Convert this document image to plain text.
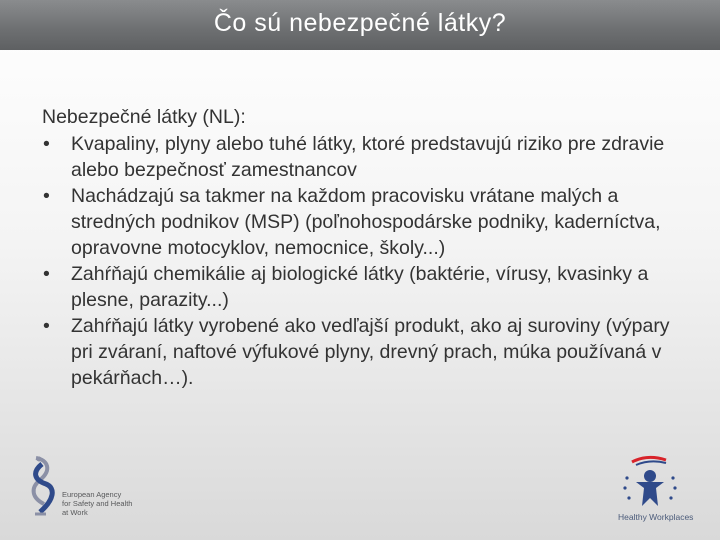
Čo sú nebezpečné látky?
Nebezpečné látky (NL):
•	Kvapaliny, plyny alebo tuhé látky, ktoré predstavujú riziko pre zdravie alebo bezpečnosť zamestnancov
•	Nachádzajú sa takmer na každom pracovisku vrátane malých a stredných podnikov (MSP) (poľnohospodárske podniky, kaderníctva, opravovne motocyklov, nemocnice, školy...)
•	Zahŕňajú chemikálie aj biologické látky (baktérie, vírusy, kvasinky a plesne, parazity...)
•	Zahŕňajú látky vyrobené ako vedľajší produkt, ako aj suroviny (výpary pri zváraní, naftové výfukové plyny, drevný prach, múka používaná v pekárňach…).
European Agency
for Safety and Health
at Work	Healthy Workplaces
